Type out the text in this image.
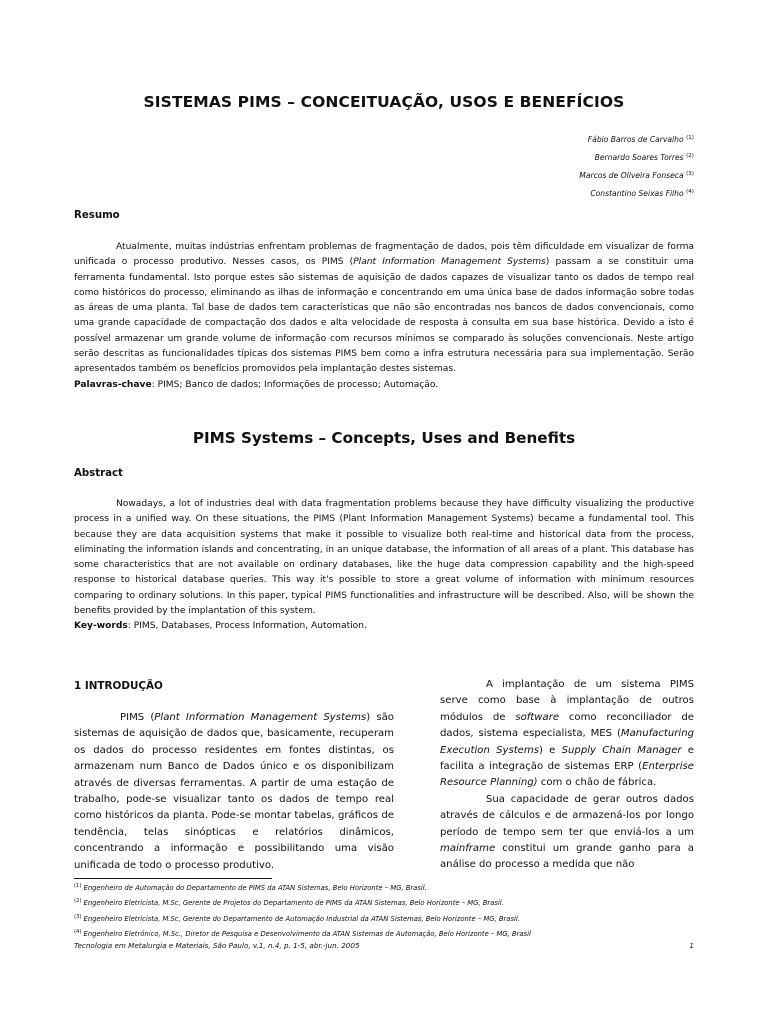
SISTEMAS PIMS – CONCEITUAÇÃO, USOS E BENEFÍCIOS
Fábio Barros de Carvalho $^{(1)}$
Bernardo Soares Torres $^{(2)}$
Marcos de Oliveira Fonseca $^{(3)}$
Constantino Seixas Filho $^{(4)}$
Resumo

Atualmente, muitas indústrias enfrentam problemas de fragmentação de dados, pois têm dificuldade em visualizar de forma unificada o processo produtivo. Nesses casos, os PIMS (Plant Information Management Systems) passam a se constituir uma ferramenta fundamental. Isto porque estes são sistemas de aquisição de dados capazes de visualizar tanto os dados de tempo real como históricos do processo, eliminando as ilhas de informação e concentrando em uma única base de dados informação sobre todas as áreas de uma planta. Tal base de dados tem características que não são encontradas nos bancos de dados convencionais, como uma grande capacidade de compactação dos dados e alta velocidade de resposta à consulta em sua base histórica. Devido a isto é possível armazenar um grande volume de informação com recursos mínimos se comparado às soluções convencionais. Neste artigo serão descritas as funcionalidades típicas dos sistemas PIMS bem como a infra estrutura necessária para sua implementação. Serão apresentados também os benefícios promovidos pela implantação destes sistemas.

Palavras-chave: PIMS; Banco de dados; Informações de processo; Automação.
PIMS Systems – Concepts, Uses and Benefits
Abstract

Nowadays, a lot of industries deal with data fragmentation problems because they have difficulty visualizing the productive process in a unified way. On these situations, the PIMS (Plant Information Management Systems) became a fundamental tool. This because they are data acquisition systems that make it possible to visualize both real-time and historical data from the process, eliminating the information islands and concentrating, in an unique database, the information of all areas of a plant. This database has some characteristics that are not available on ordinary databases, like the huge data compression capability and the high-speed response to historical database queries. This way it's possible to store a great volume of information with minimum resources comparing to ordinary solutions. In this paper, typical PIMS functionalities and infrastructure will be described. Also, will be shown the benefits provided by the implantation of this system.

Key-words: PIMS, Databases, Process Information, Automation.
1 INTRODUÇÃO

PIMS (Plant Information Management Systems) são sistemas de aquisição de dados que, basicamente, recuperam os dados do processo residentes em fontes distintas, os armazenam num Banco de Dados único e os disponibilizam através de diversas ferramentas. A partir de uma estação de trabalho, pode-se visualizar tanto os dados de tempo real como históricos da planta. Pode-se montar tabelas, gráficos de tendência, telas sinópticas e relatórios dinâmicos, concentrando a informação e possibilitando uma visão unificada de todo o processo produtivo.

A implantação de um sistema PIMS serve como base à implantação de outros módulos de software como reconciliador de dados, sistema especialista, MES (Manufacturing Execution Systems) e Supply Chain Manager e facilita a integração de sistemas ERP (Enterprise Resource Planning) com o chão de fábrica.

Sua capacidade de gerar outros dados através de cálculos e de armazená-los por longo período de tempo sem ter que enviá-los a um mainframe constitui um grande ganho para a análise do processo a medida que não

$^{(1)}$ Engenheiro de Automação do Departamento de PIMS da ATAN Sistemas, Belo Horizonte – MG, Brasil.
$^{(2)}$ Engenheiro Eletricista, M.Sc, Gerente de Projetos do Departamento de PIMS da ATAN Sistemas, Belo Horizonte – MG, Brasil.
$^{(3)}$ Engenheiro Eletricista, M.Sc, Gerente do Departamento de Automação Industrial da ATAN Sistemas, Belo Horizonte – MG, Brasil.
$^{(4)}$ Engenheiro Eletrônico, M.Sc., Diretor de Pesquisa e Desenvolvimento da ATAN Sistemas de Automação, Belo Horizonte – MG, Brasil
Tecnologia em Metalurgia e Materiais, São Paulo, v.1, n.4, p. 1-5, abr.-jun. 2005	1
